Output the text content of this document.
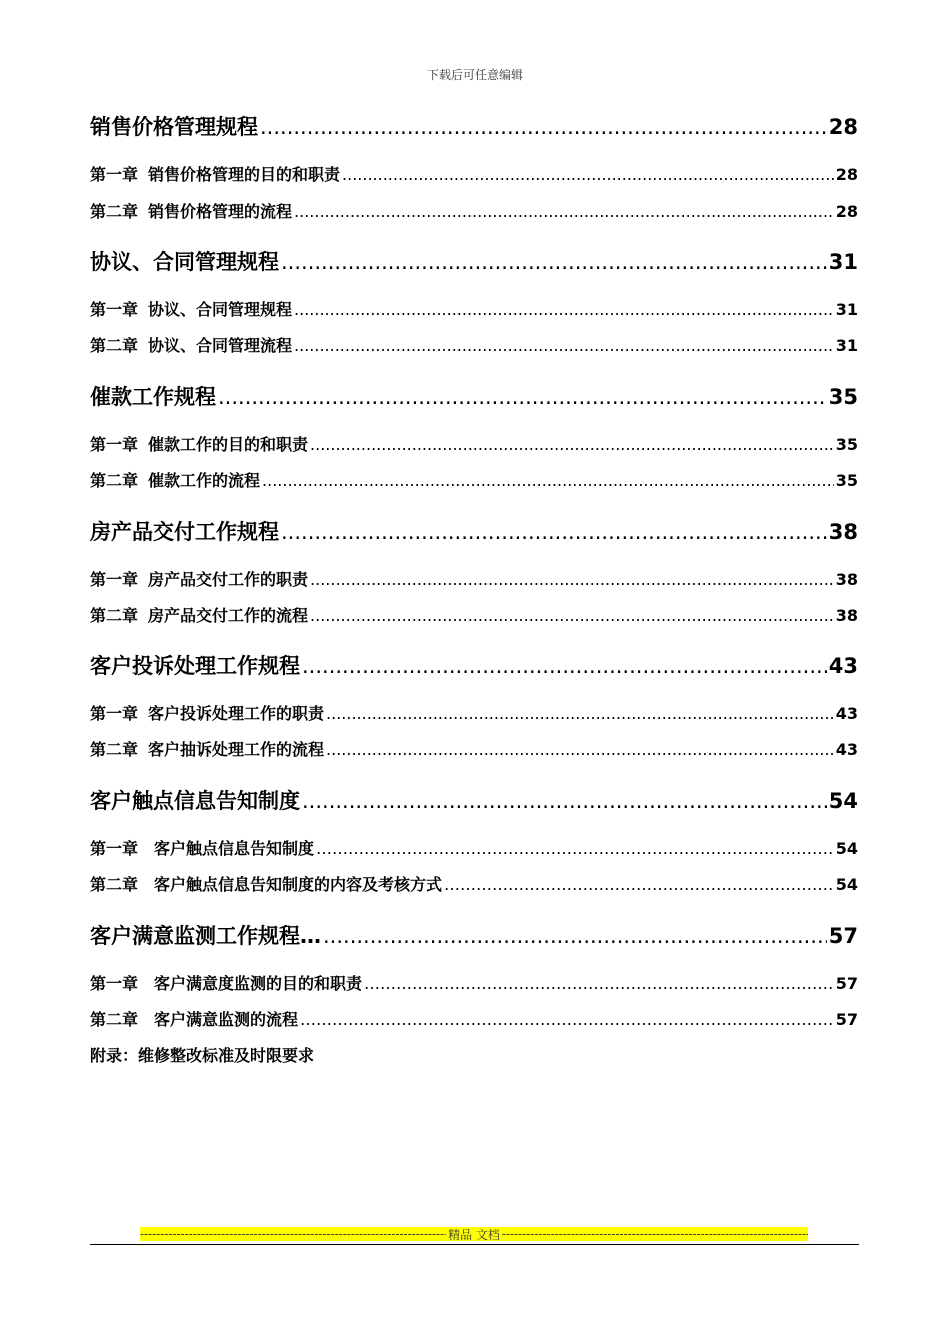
下载后可任意编辑
销售价格管理规程 .....	28
第一章 销售价格管理的目的和职责 .....	28
第二章 销售价格管理的流程 .....	28
协议、合同管理规程 .....	31
第一章 协议、合同管理规程 .....	31
第二章 协议、合同管理流程 .....	31
催款工作规程 .....	35
第一章 催款工作的目的和职责 .....	35
第二章 催款工作的流程 .....	35
房产品交付工作规程 .....	38
第一章 房产品交付工作的职责 .....	38
第二章 房产品交付工作的流程 .....	38
客户投诉处理工作规程 .....	43
第一章 客户投诉处理工作的职责 .....	43
第二章 客户抽诉处理工作的流程 .....	43
客户触点信息告知制度 .....	54
第一章 客户触点信息告知制度 ……………………………………………………………………………………………………………………………………………………	54
第二章 客户触点信息告知制度的内容及考核方式 ……………………………………………………………………………………………………………………………………………………	54
客户满意监测工作规程… .....	57
第一章 客户满意度监测的目的和职责 ……………………………………………………………………………………………………………………………………………………	57
第二章 客户满意监测的流程 ……………………………………………………………………………………………………………………………………………………	57
附录：维修整改标准及时限要求
-----
精品 文档
-----
